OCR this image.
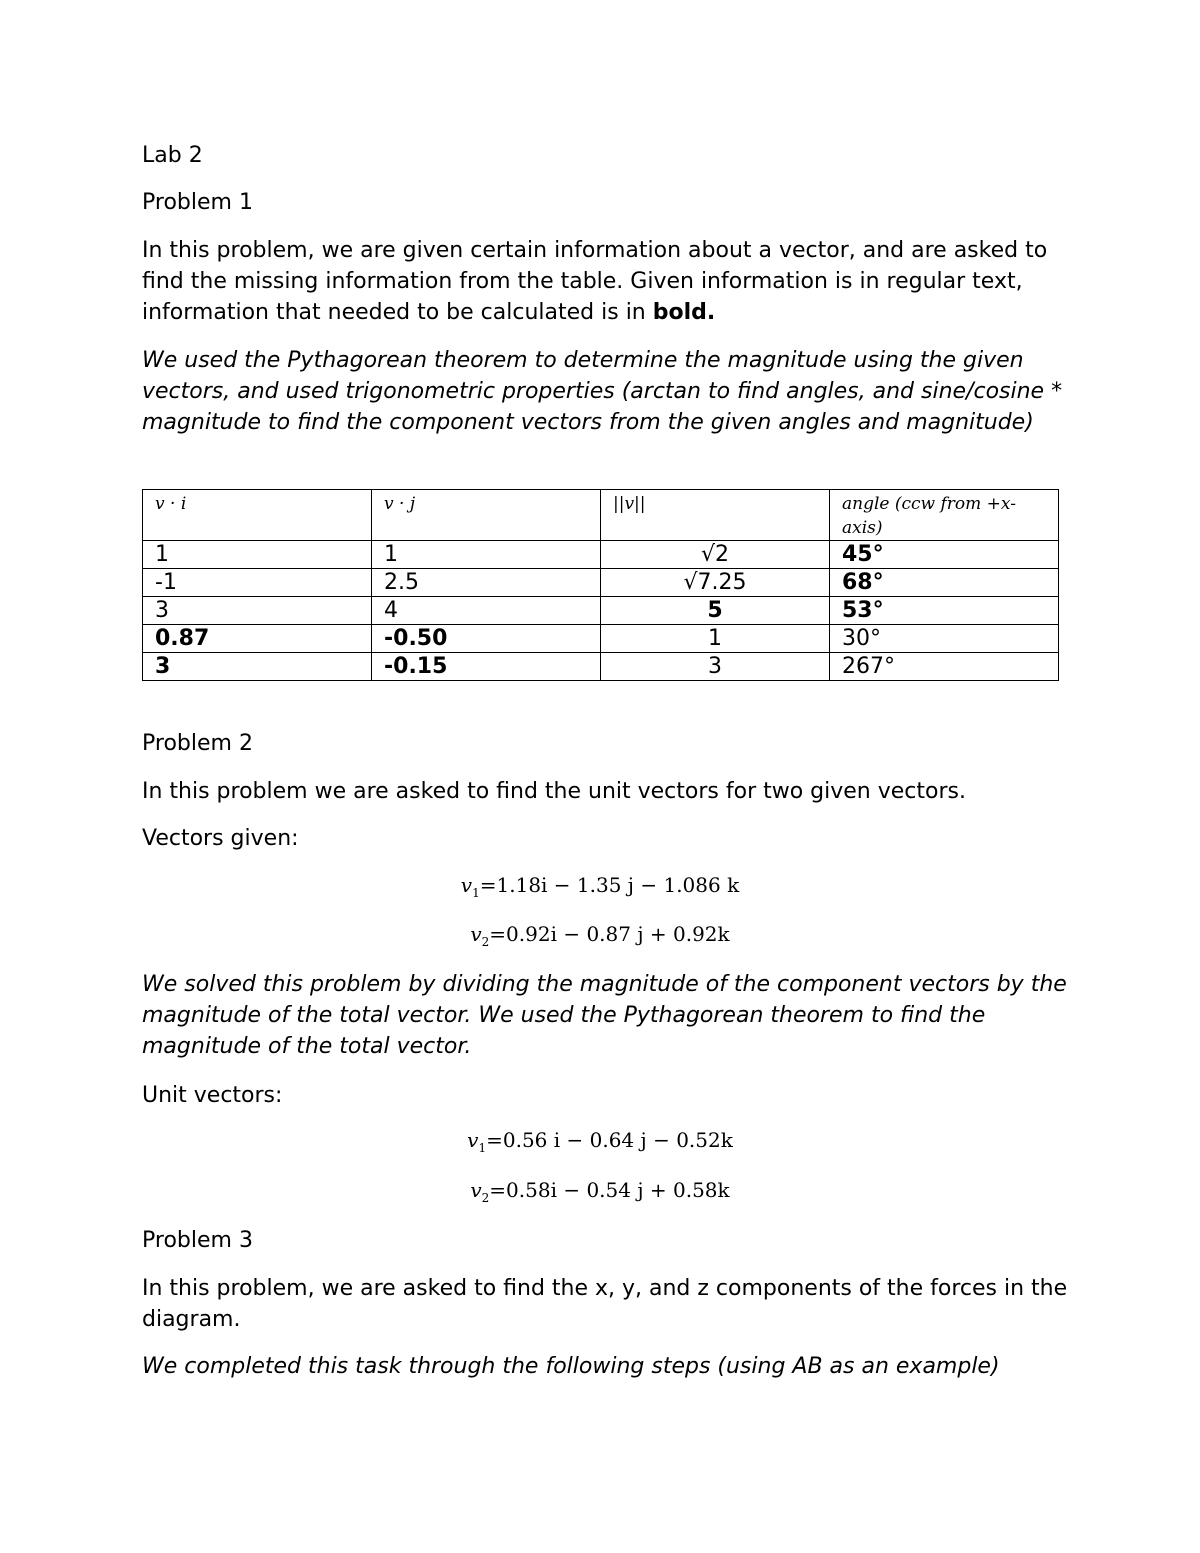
Lab 2

Problem 1

In this problem, we are given certain information about a vector, and are asked to find the missing information from the table. Given information is in regular text, information that needed to be calculated is in bold.

We used the Pythagorean theorem to determine the magnitude using the given vectors, and used trigonometric properties (arctan to find angles, and sine/cosine * magnitude to find the component vectors from the given angles and magnitude)

v · i	v · j	||v||	angle (ccw from +x-axis)
1	1	√2	45°
-1	2.5	√7.25	68°
3	4	5	53°
0.87	-0.50	1	30°
3	-0.15	3	267°

Problem 2

In this problem we are asked to find the unit vectors for two given vectors.

Vectors given:

$v_1=1.18i - 1.35$ j − 1.086 k
$v_2=0.92i - 0.87$ j + 0.92k

We solved this problem by dividing the magnitude of the component vectors by the magnitude of the total vector. We used the Pythagorean theorem to find the magnitude of the total vector.

Unit vectors:

$v_1=0.56$ i − 0.64 j − 0.52k
$v_2=0.58i - 0.54$ j + 0.58k

Problem 3

In this problem, we are asked to find the x, y, and z components of the forces in the diagram.

We completed this task through the following steps (using AB as an example)
